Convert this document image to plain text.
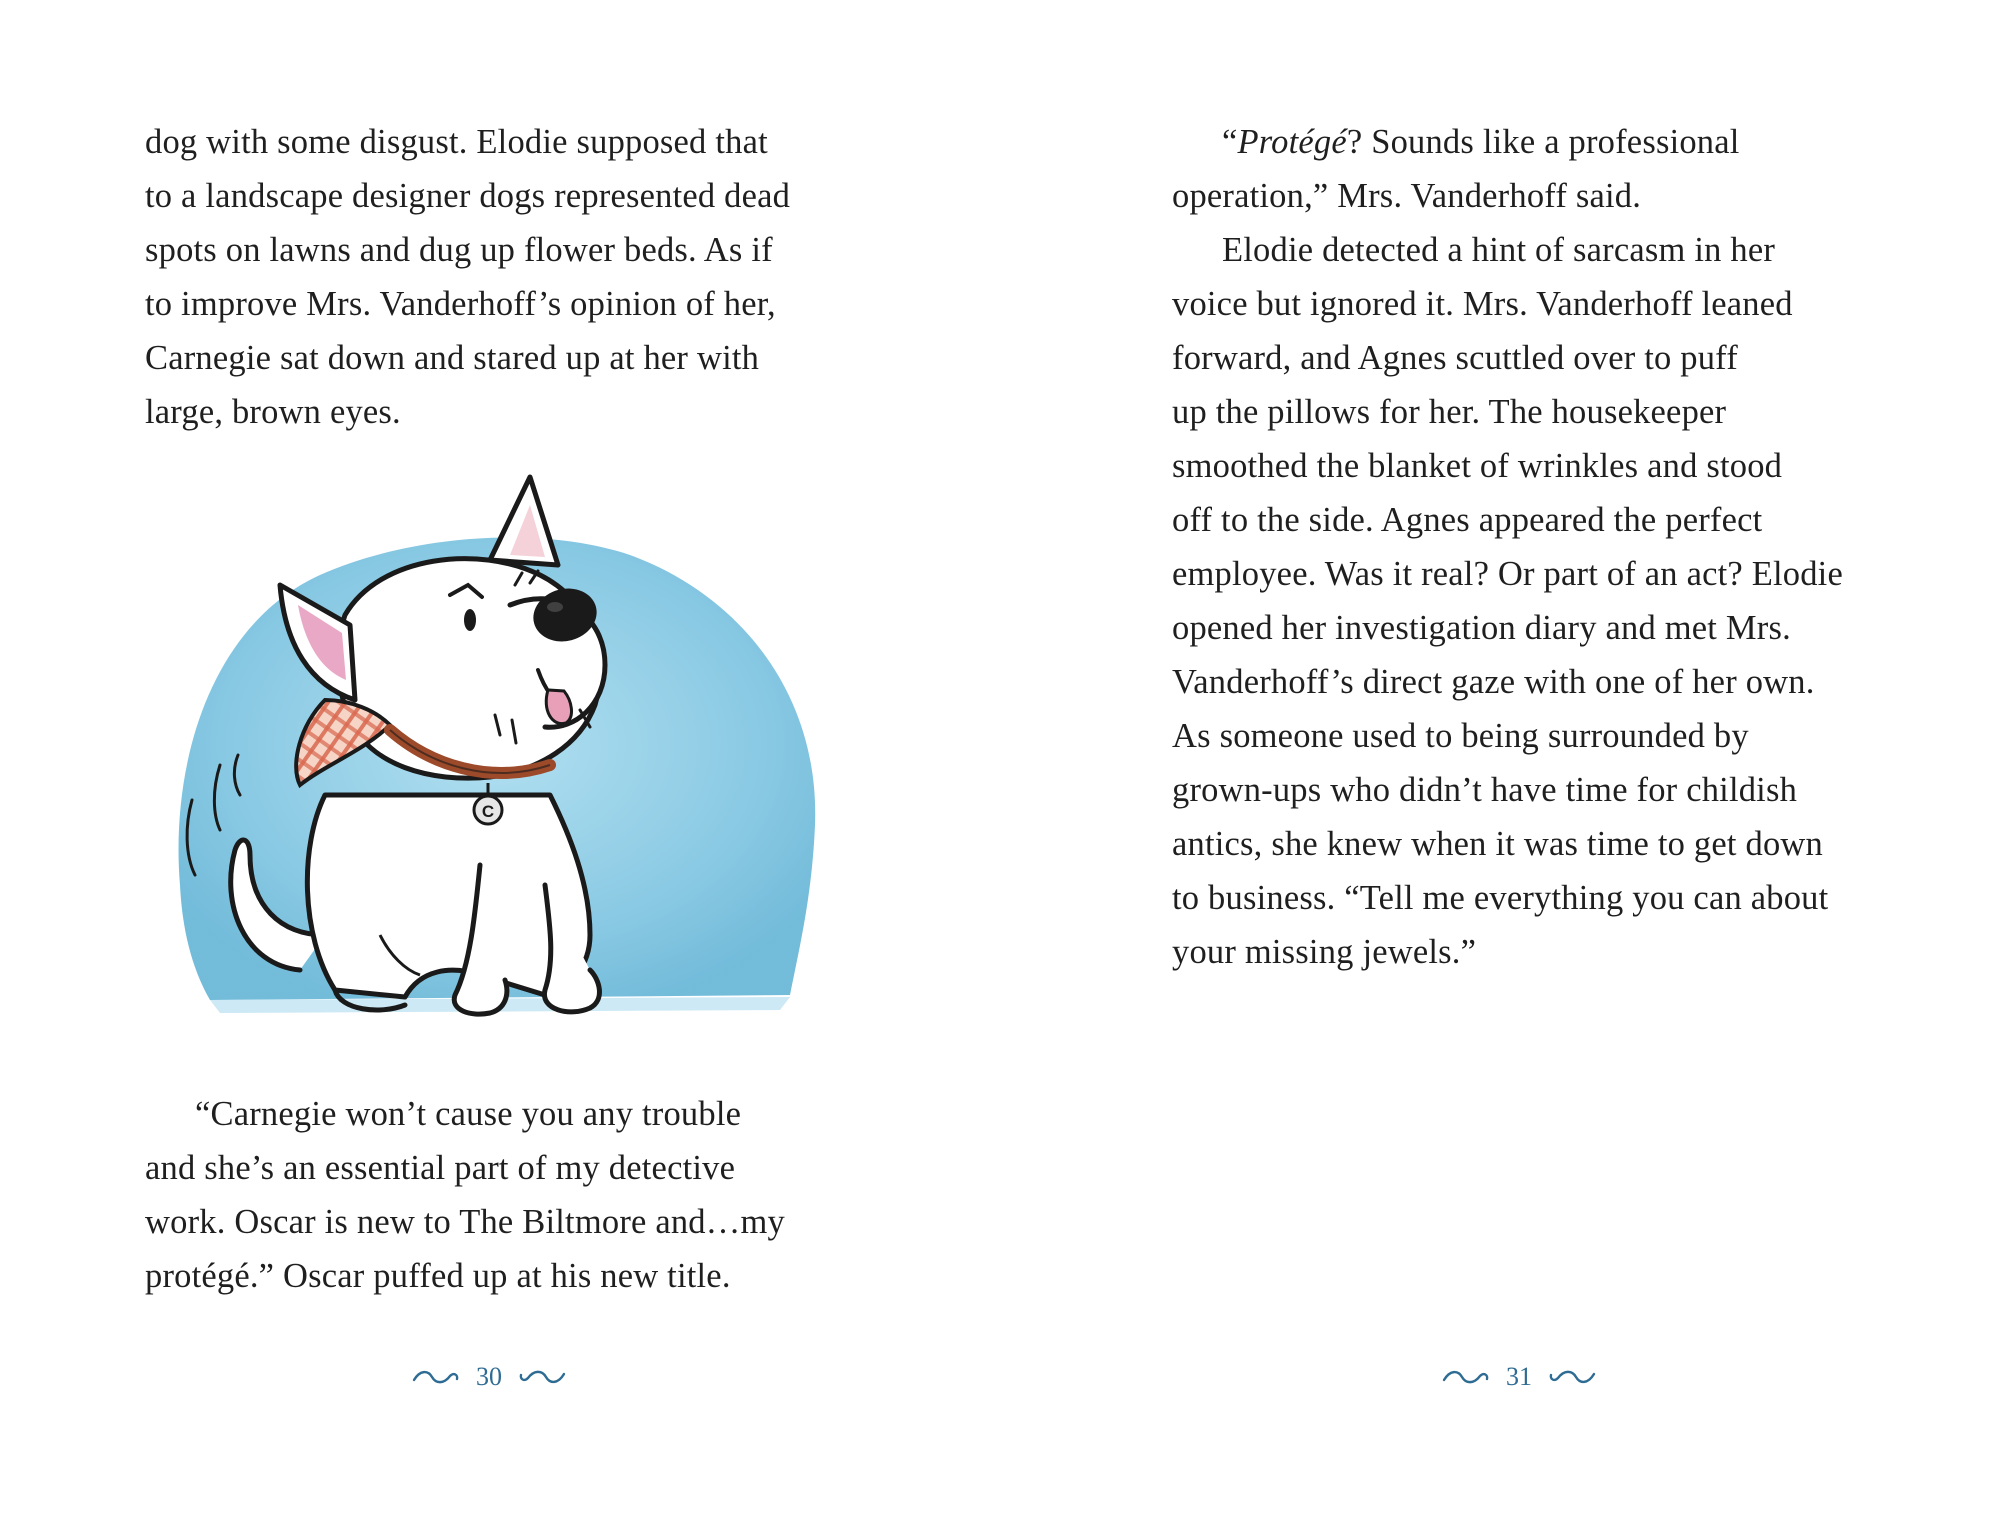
dog with some disgust. Elodie supposed that
to a landscape designer dogs represented dead
spots on lawns and dug up flower beds. As if
to improve Mrs. Vanderhoff’s opinion of her,
Carnegie sat down and stared up at her with
large, brown eyes.
C
“Carnegie won’t cause you any trouble
and she’s an essential part of my detective
work. Oscar is new to The Biltmore and…my
protégé.” Oscar puffed up at his new title.
30
“Protégé? Sounds like a professional
operation,” Mrs. Vanderhoff said.
Elodie detected a hint of sarcasm in her
voice but ignored it. Mrs. Vanderhoff leaned
forward, and Agnes scuttled over to puff
up the pillows for her. The housekeeper
smoothed the blanket of wrinkles and stood
off to the side. Agnes appeared the perfect
employee. Was it real? Or part of an act? Elodie
opened her investigation diary and met Mrs.
Vanderhoff’s direct gaze with one of her own.
As someone used to being surrounded by
grown-ups who didn’t have time for childish
antics, she knew when it was time to get down
to business. “Tell me everything you can about
your missing jewels.”
31
